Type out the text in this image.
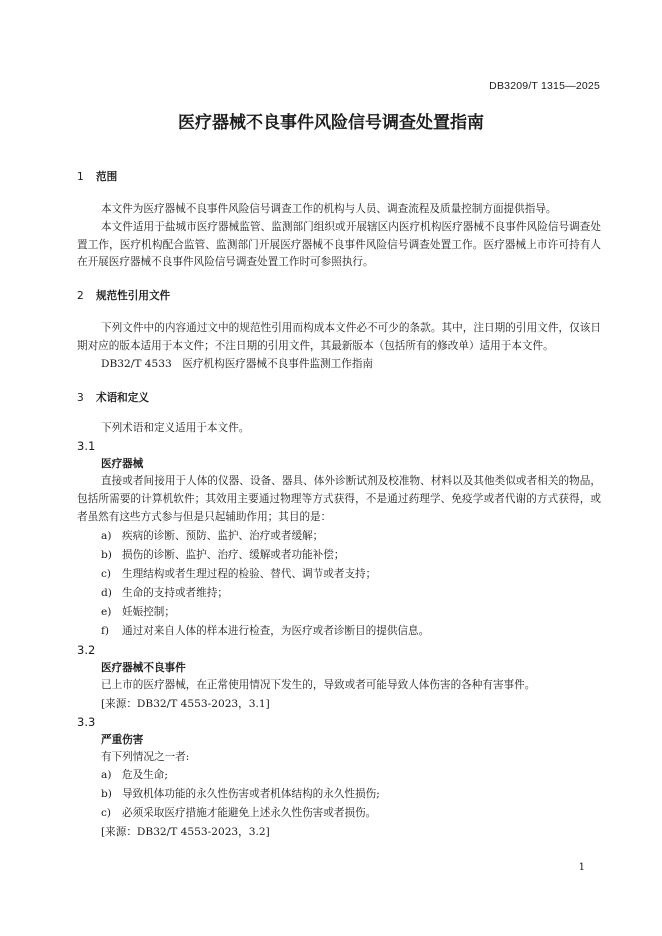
DB3209/T 1315—2025
医疗器械不良事件风险信号调查处置指南
1 范围

本文件为医疗器械不良事件风险信号调查工作的机构与人员、调查流程及质量控制方面提供指导。

本文件适用于盐城市医疗器械监管、监测部门组织或开展辖区内医疗机构医疗器械不良事件风险信号调查处置工作，医疗机构配合监管、监测部门开展医疗器械不良事件风险信号调查处置工作。医疗器械上市许可持有人在开展医疗器械不良事件风险信号调查处置工作时可参照执行。

2 规范性引用文件

下列文件中的内容通过文中的规范性引用而构成本文件必不可少的条款。其中，注日期的引用文件，仅该日期对应的版本适用于本文件；不注日期的引用文件，其最新版本（包括所有的修改单）适用于本文件。

DB32/T 4533　医疗机构医疗器械不良事件监测工作指南

3 术语和定义

下列术语和定义适用于本文件。

3.1
医疗器械

直接或者间接用于人体的仪器、设备、器具、体外诊断试剂及校准物、材料以及其他类似或者相关的物品，包括所需要的计算机软件；其效用主要通过物理等方式获得，不是通过药理学、免疫学或者代谢的方式获得，或者虽然有这些方式参与但是只起辅助作用；其目的是：

a) 疾病的诊断、预防、监护、治疗或者缓解；
b) 损伤的诊断、监护、治疗、缓解或者功能补偿；
c) 生理结构或者生理过程的检验、替代、调节或者支持；
d) 生命的支持或者维持；
e) 妊娠控制；
f) 通过对来自人体的样本进行检查，为医疗或者诊断目的提供信息。
3.2
医疗器械不良事件

已上市的医疗器械，在正常使用情况下发生的，导致或者可能导致人体伤害的各种有害事件。

[来源：DB32/T 4553-2023，3.1]
3.3
严重伤害

有下列情况之一者:

a) 危及生命;
b) 导致机体功能的永久性伤害或者机体结构的永久性损伤;
c) 必须采取医疗措施才能避免上述永久性伤害或者损伤。
[来源：DB32/T 4553-2023，3.2]
1
